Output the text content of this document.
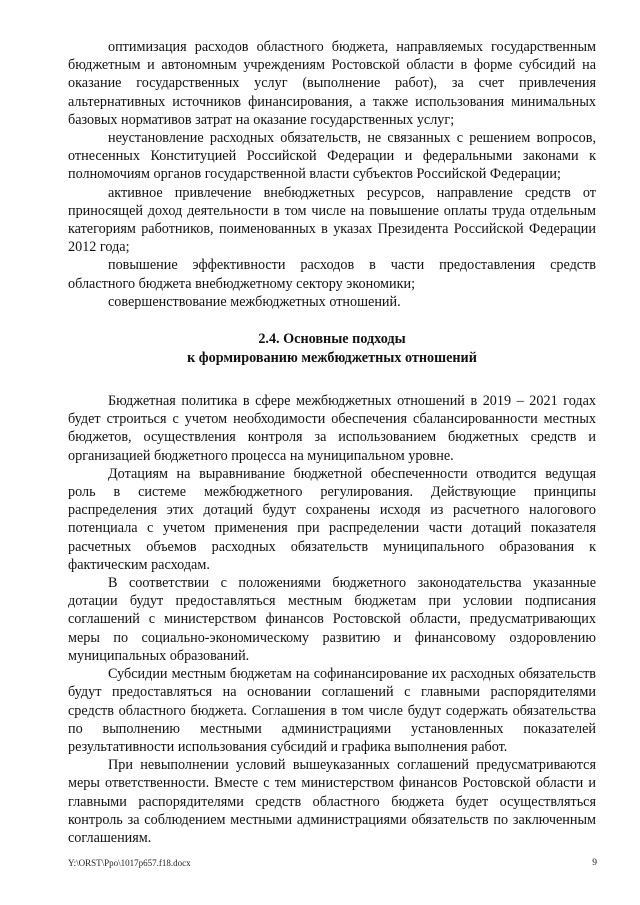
оптимизация расходов областного бюджета, направляемых государственным бюджетным и автономным учреждениям Ростовской области в форме субсидий на оказание государственных услуг (выполнение работ), за счет привлечения альтернативных источников финансирования, а также использования минимальных базовых нормативов затрат на оказание государственных услуг;

неустановление расходных обязательств, не связанных с решением вопросов, отнесенных Конституцией Российской Федерации и федеральными законами к полномочиям органов государственной власти субъектов Российской Федерации;

активное привлечение внебюджетных ресурсов, направление средств от приносящей доход деятельности в том числе на повышение оплаты труда отдельным категориям работников, поименованных в указах Президента Российской Федерации 2012 года;

повышение эффективности расходов в части предоставления средств областного бюджета внебюджетному сектору экономики;

совершенствование межбюджетных отношений.

2.4. Основные подходы
к формированию межбюджетных отношений

Бюджетная политика в сфере межбюджетных отношений в 2019 – 2021 годах будет строиться с учетом необходимости обеспечения сбалансированности местных бюджетов, осуществления контроля за использованием бюджетных средств и организацией бюджетного процесса на муниципальном уровне.

Дотациям на выравнивание бюджетной обеспеченности отводится ведущая роль в системе межбюджетного регулирования. Действующие принципы распределения этих дотаций будут сохранены исходя из расчетного налогового потенциала с учетом применения при распределении части дотаций показателя расчетных объемов расходных обязательств муниципального образования к фактическим расходам.

В соответствии с положениями бюджетного законодательства указанные дотации будут предоставляться местным бюджетам при условии подписания соглашений с министерством финансов Ростовской области, предусматривающих меры по социально-экономическому развитию и финансовому оздоровлению муниципальных образований.

Субсидии местным бюджетам на софинансирование их расходных обязательств будут предоставляться на основании соглашений с главными распорядителями средств областного бюджета. Соглашения в том числе будут содержать обязательства по выполнению местными администрациями установленных показателей результативности использования субсидий и графика выполнения работ.

При невыполнении условий вышеуказанных соглашений предусматриваются меры ответственности. Вместе с тем министерством финансов Ростовской области и главными распорядителями средств областного бюджета будет осуществляться контроль за соблюдением местными администрациями обязательств по заключенным соглашениям.

Y:\ORST\Ppo\1017p657.f18.docx	9
